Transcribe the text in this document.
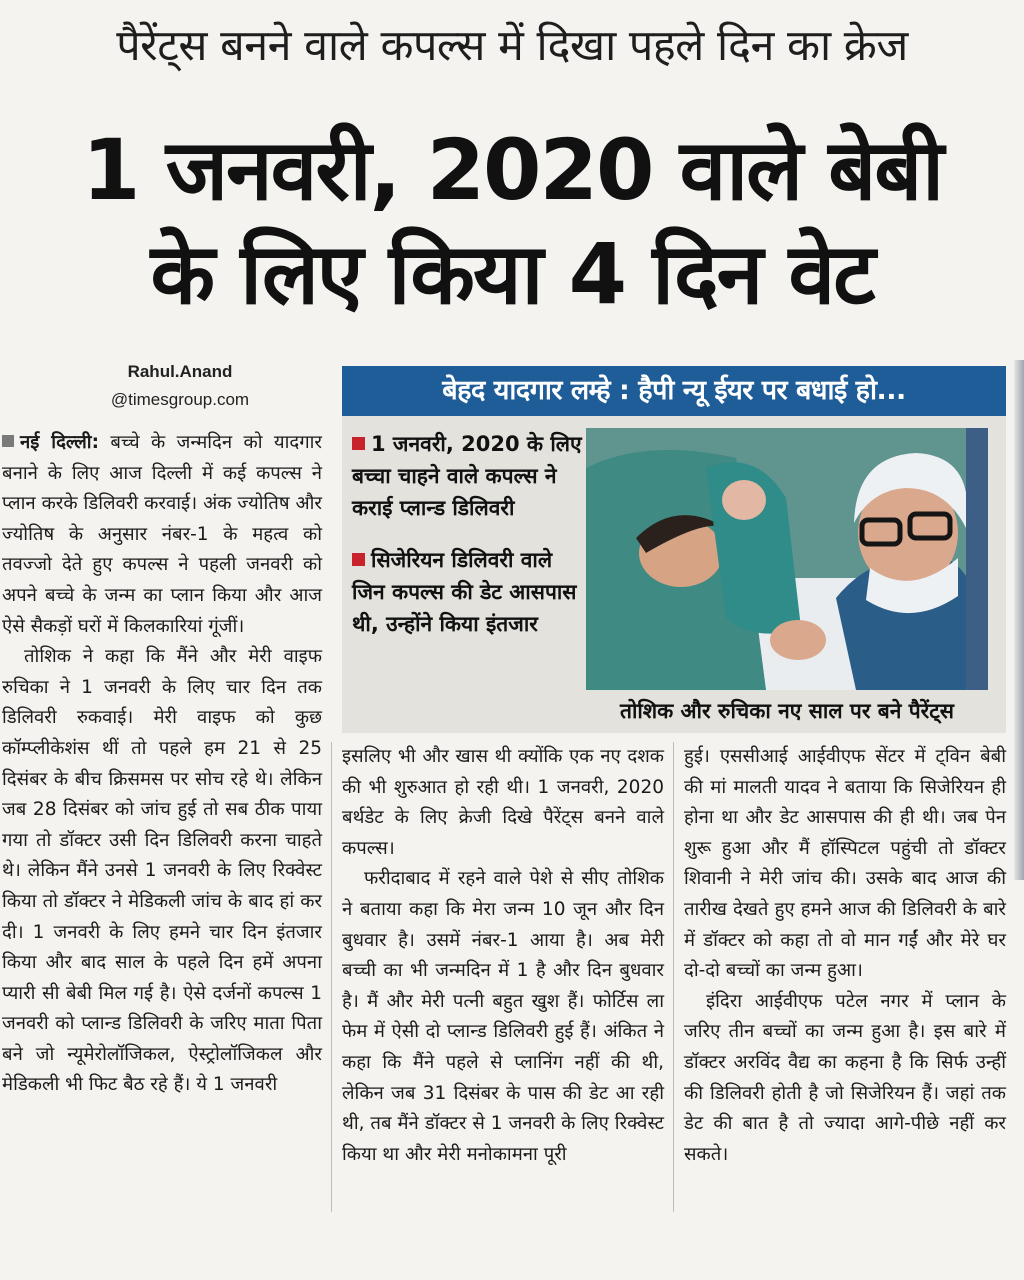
पैरेंट्स बनने वाले कपल्स में दिखा पहले दिन का क्रेज
1 जनवरी, 2020 वाले बेबी
के लिए किया 4 दिन वेट
Rahul.Anand
@timesgroup.com	बेहद यादगार लम्हे : हैपी न्यू ईयर पर बधाई हो...
1 जनवरी, 2020 के लिए बच्चा चाहने वाले कपल्स ने कराई प्लान्ड डिलिवरी
सिजेरियन डिलिवरी वाले जिन कपल्स की डेट आसपास थी, उन्होंने किया इंतजार
तोशिक और रुचिका नए साल पर बने पैरेंट्स

नई दिल्ली: बच्चे के जन्मदिन को यादगार बनाने के लिए आज दिल्ली में कई कपल्स ने प्लान करके डिलिवरी करवाई। अंक ज्योतिष और ज्योतिष के अनुसार नंबर-1 के महत्व को तवज्जो देते हुए कपल्स ने पहली जनवरी को अपने बच्चे के जन्म का प्लान किया और आज ऐसे सैकड़ों घरों में किलकारियां गूंजीं।

तोशिक ने कहा कि मैंने और मेरी वाइफ रुचिका ने 1 जनवरी के लिए चार दिन तक डिलिवरी रुकवाई। मेरी वाइफ को कुछ कॉम्प्लीकेशंस थीं तो पहले हम 21 से 25 दिसंबर के बीच क्रिसमस पर सोच रहे थे। लेकिन जब 28 दिसंबर को जांच हुई तो सब ठीक पाया गया तो डॉक्टर उसी दिन डिलिवरी करना चाहते थे। लेकिन मैंने उनसे 1 जनवरी के लिए रिक्वेस्ट किया तो डॉक्टर ने मेडिकली जांच के बाद हां कर दी। 1 जनवरी के लिए हमने चार दिन इंतजार किया और बाद साल के पहले दिन हमें अपना प्यारी सी बेबी मिल गई है। ऐसे दर्जनों कपल्स 1 जनवरी को प्लान्ड डिलिवरी के जरिए माता पिता बने जो न्यूमेरोलॉजिकल, ऐस्ट्रोलॉजिकल और मेडिकली भी फिट बैठ रहे हैं। ये 1 जनवरी

इसलिए भी और खास थी क्योंकि एक नए दशक की भी शुरुआत हो रही थी। 1 जनवरी, 2020 बर्थडेट के लिए क्रेजी दिखे पैरेंट्स बनने वाले कपल्स।

फरीदाबाद में रहने वाले पेशे से सीए तोशिक ने बताया कहा कि मेरा जन्म 10 जून और दिन बुधवार है। उसमें नंबर-1 आया है। अब मेरी बच्ची का भी जन्मदिन में 1 है और दिन बुधवार है। मैं और मेरी पत्नी बहुत खुश हैं। फोर्टिस ला फेम में ऐसी दो प्लान्ड डिलिवरी हुई हैं। अंकित ने कहा कि मैंने पहले से प्लानिंग नहीं की थी, लेकिन जब 31 दिसंबर के पास की डेट आ रही थी, तब मैंने डॉक्टर से 1 जनवरी के लिए रिक्वेस्ट किया था और मेरी मनोकामना पूरी

हुई। एससीआई आईवीएफ सेंटर में ट्विन बेबी की मां मालती यादव ने बताया कि सिजेरियन ही होना था और डेट आसपास की ही थी। जब पेन शुरू हुआ और मैं हॉस्पिटल पहुंची तो डॉक्टर शिवानी ने मेरी जांच की। उसके बाद आज की तारीख देखते हुए हमने आज की डिलिवरी के बारे में डॉक्टर को कहा तो वो मान गईं और मेरे घर दो-दो बच्चों का जन्म हुआ।

इंदिरा आईवीएफ पटेल नगर में प्लान के जरिए तीन बच्चों का जन्म हुआ है। इस बारे में डॉक्टर अरविंद वैद्य का कहना है कि सिर्फ उन्हीं की डिलिवरी होती है जो सिजेरियन हैं। जहां तक डेट की बात है तो ज्यादा आगे-पीछे नहीं कर सकते।
